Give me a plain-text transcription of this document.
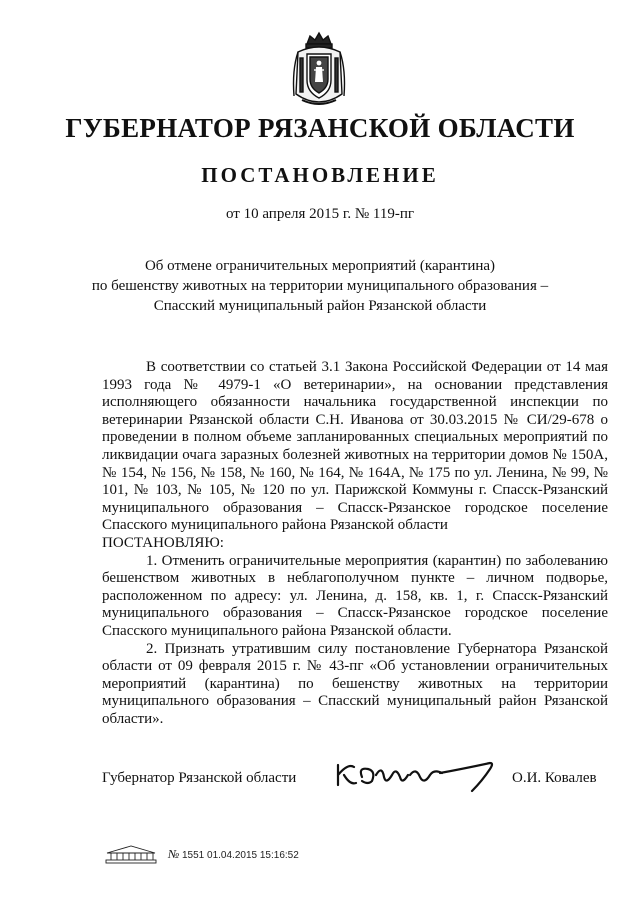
ГУБЕРНАТОР РЯЗАНСКОЙ ОБЛАСТИ
ПОСТАНОВЛЕНИЕ
от 10 апреля 2015 г. № 119-пг
Об отмене ограничительных мероприятий (карантина)
по бешенству животных на территории муниципального образования –
Спасский муниципальный район Рязанской области

В соответствии со статьей 3.1 Закона Российской Федерации от 14 мая 1993 года № 4979-1 «О ветеринарии», на основании представления исполняющего обязанности начальника государственной инспекции по ветеринарии Рязанской области С.Н. Иванова от 30.03.2015 № СИ/29-678 о проведении в полном объеме запланированных специальных мероприятий по ликвидации очага заразных болезней животных на территории домов № 150А, № 154, № 156, № 158, № 160, № 164, № 164А, № 175 по ул. Ленина, № 99, № 101, № 103, № 105, № 120 по ул. Парижской Коммуны г. Спасск-Рязанский муниципального образования – Спасск-Рязанское городское поселение Спасского муниципального района Рязанской области

ПОСТАНОВЛЯЮ:

1. Отменить ограничительные мероприятия (карантин) по заболеванию бешенством животных в неблагополучном пункте – личном подворье, расположенном по адресу: ул. Ленина, д. 158, кв. 1, г. Спасск-Рязанский муниципального образования – Спасск-Рязанское городское поселение Спасского муниципального района Рязанской области.

2. Признать утратившим силу постановление Губернатора Рязанской области от 09 февраля 2015 г. № 43-пг «Об установлении ограничительных мероприятий (карантина) по бешенству животных на территории муниципального образования – Спасский муниципальный район Рязанской области».

Губернатор Рязанской области	О.И. Ковалев
№ 1551 01.04.2015 15:16:52
